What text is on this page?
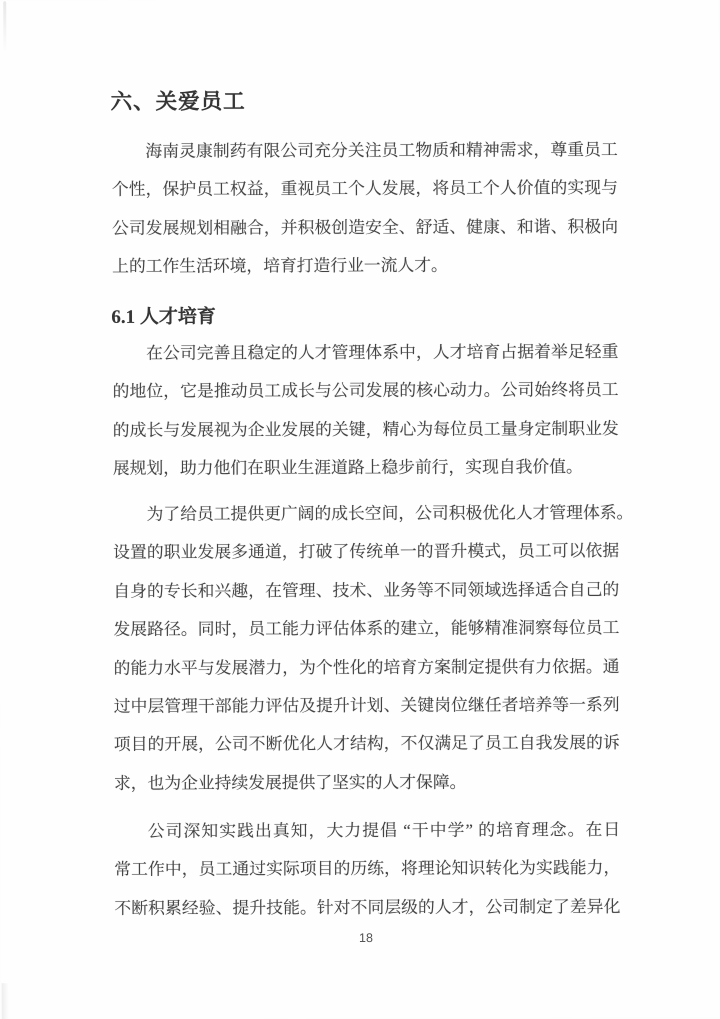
六、关爱员工
海南灵康制药有限公司充分关注员工物质和精神需求，尊重员工
个性，保护员工权益，重视员工个人发展，将员工个人价值的实现与
公司发展规划相融合，并积极创造安全、舒适、健康、和谐、积极向
上的工作生活环境，培育打造行业一流人才。
6.1 人才培育
在公司完善且稳定的人才管理体系中，人才培育占据着举足轻重
的地位，它是推动员工成长与公司发展的核心动力。公司始终将员工
的成长与发展视为企业发展的关键，精心为每位员工量身定制职业发
展规划，助力他们在职业生涯道路上稳步前行，实现自我价值。
为了给员工提供更广阔的成长空间，公司积极优化人才管理体系。
设置的职业发展多通道，打破了传统单一的晋升模式，员工可以依据
自身的专长和兴趣，在管理、技术、业务等不同领域选择适合自己的
发展路径。同时，员工能力评估体系的建立，能够精准洞察每位员工
的能力水平与发展潜力，为个性化的培育方案制定提供有力依据。通
过中层管理干部能力评估及提升计划、关键岗位继任者培养等一系列
项目的开展，公司不断优化人才结构，不仅满足了员工自我发展的诉
求，也为企业持续发展提供了坚实的人才保障。
公司深知实践出真知，大力提倡 “干中学” 的培育理念。在日
常工作中，员工通过实际项目的历练，将理论知识转化为实践能力，
不断积累经验、提升技能。针对不同层级的人才，公司制定了差异化
18
